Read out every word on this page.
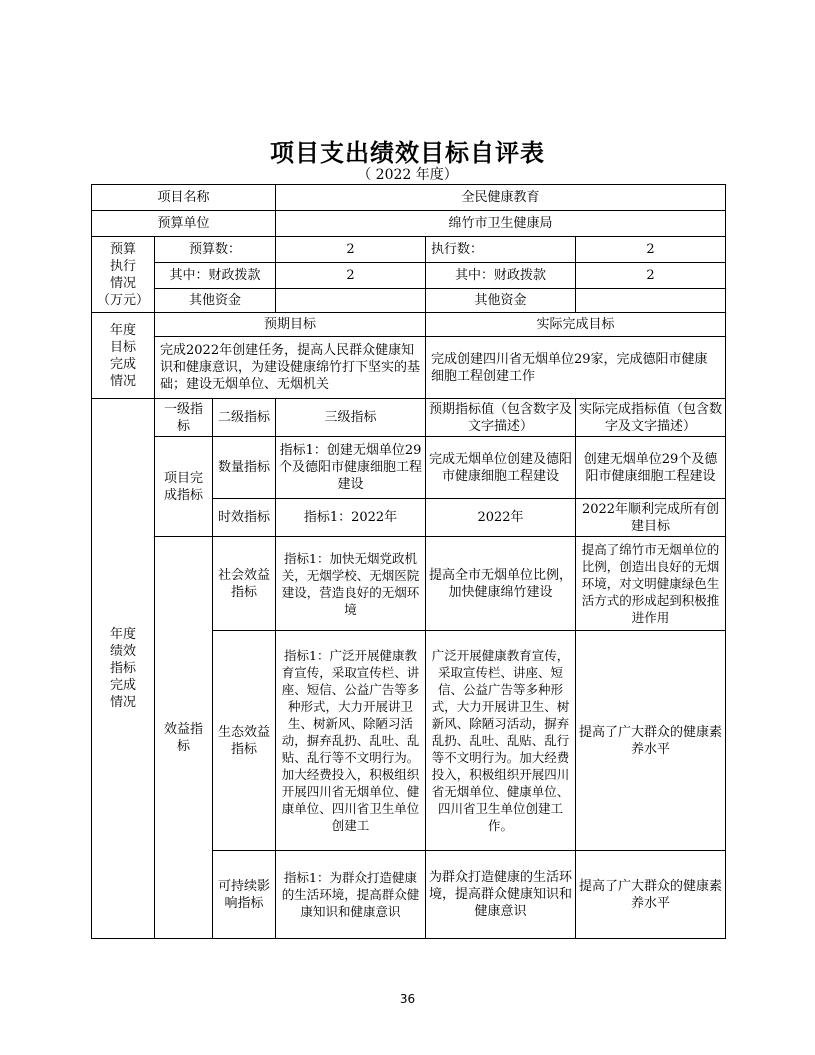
项目支出绩效目标自评表
（ 2022 年度）
项目名称			全民健康教育		
预算单位			绵竹市卫生健康局		

预算
执行
情况
（万元）	预算数：		2	执行数：	2
	其中：财政拨款		2	其中：财政拨款	2
	其他资金			其他资金	

年度
目标
完成
情况	预期目标			实际完成目标	
	完成2022年创建任务，提高人民群众健康知识和健康意识，为建设健康绵竹打下坚实的基础；建设无烟单位、无烟机关			完成创建四川省无烟单位29家，完成德阳市健康细胞工程创建工作	

年度
绩效
指标
完成
情况	一级指标	二级指标	三级指标	预期指标值（包含数字及文字描述）	实际完成指标值（包含数字及文字描述）
	项目完成指标	数量指标	指标1：创建无烟单位29个及德阳市健康细胞工程建设	完成无烟单位创建及德阳市健康细胞工程建设	创建无烟单位29个及德阳市健康细胞工程建设
		时效指标	指标1：2022年	2022年	2022年顺利完成所有创建目标
	效益指标	社会效益指标	指标1：加快无烟党政机关，无烟学校、无烟医院建设，营造良好的无烟环境	提高全市无烟单位比例，加快健康绵竹建设	提高了绵竹市无烟单位的比例，创造出良好的无烟环境，对文明健康绿色生活方式的形成起到积极推进作用
		生态效益指标	指标1：广泛开展健康教育宣传，采取宣传栏、讲座、短信、公益广告等多种形式，大力开展讲卫生、树新风、除陋习活动，摒弃乱扔、乱吐、乱贴、乱行等不文明行为。加大经费投入，积极组织开展四川省无烟单位、健康单位、四川省卫生单位创建工	广泛开展健康教育宣传，采取宣传栏、讲座、短信、公益广告等多种形式，大力开展讲卫生、树新风、除陋习活动，摒弃乱扔、乱吐、乱贴、乱行等不文明行为。加大经费投入，积极组织开展四川省无烟单位、健康单位、四川省卫生单位创建工作。	提高了广大群众的健康素养水平
		可持续影响指标	指标1：为群众打造健康的生活环境，提高群众健康知识和健康意识	为群众打造健康的生活环境，提高群众健康知识和健康意识	提高了广大群众的健康素养水平
36
